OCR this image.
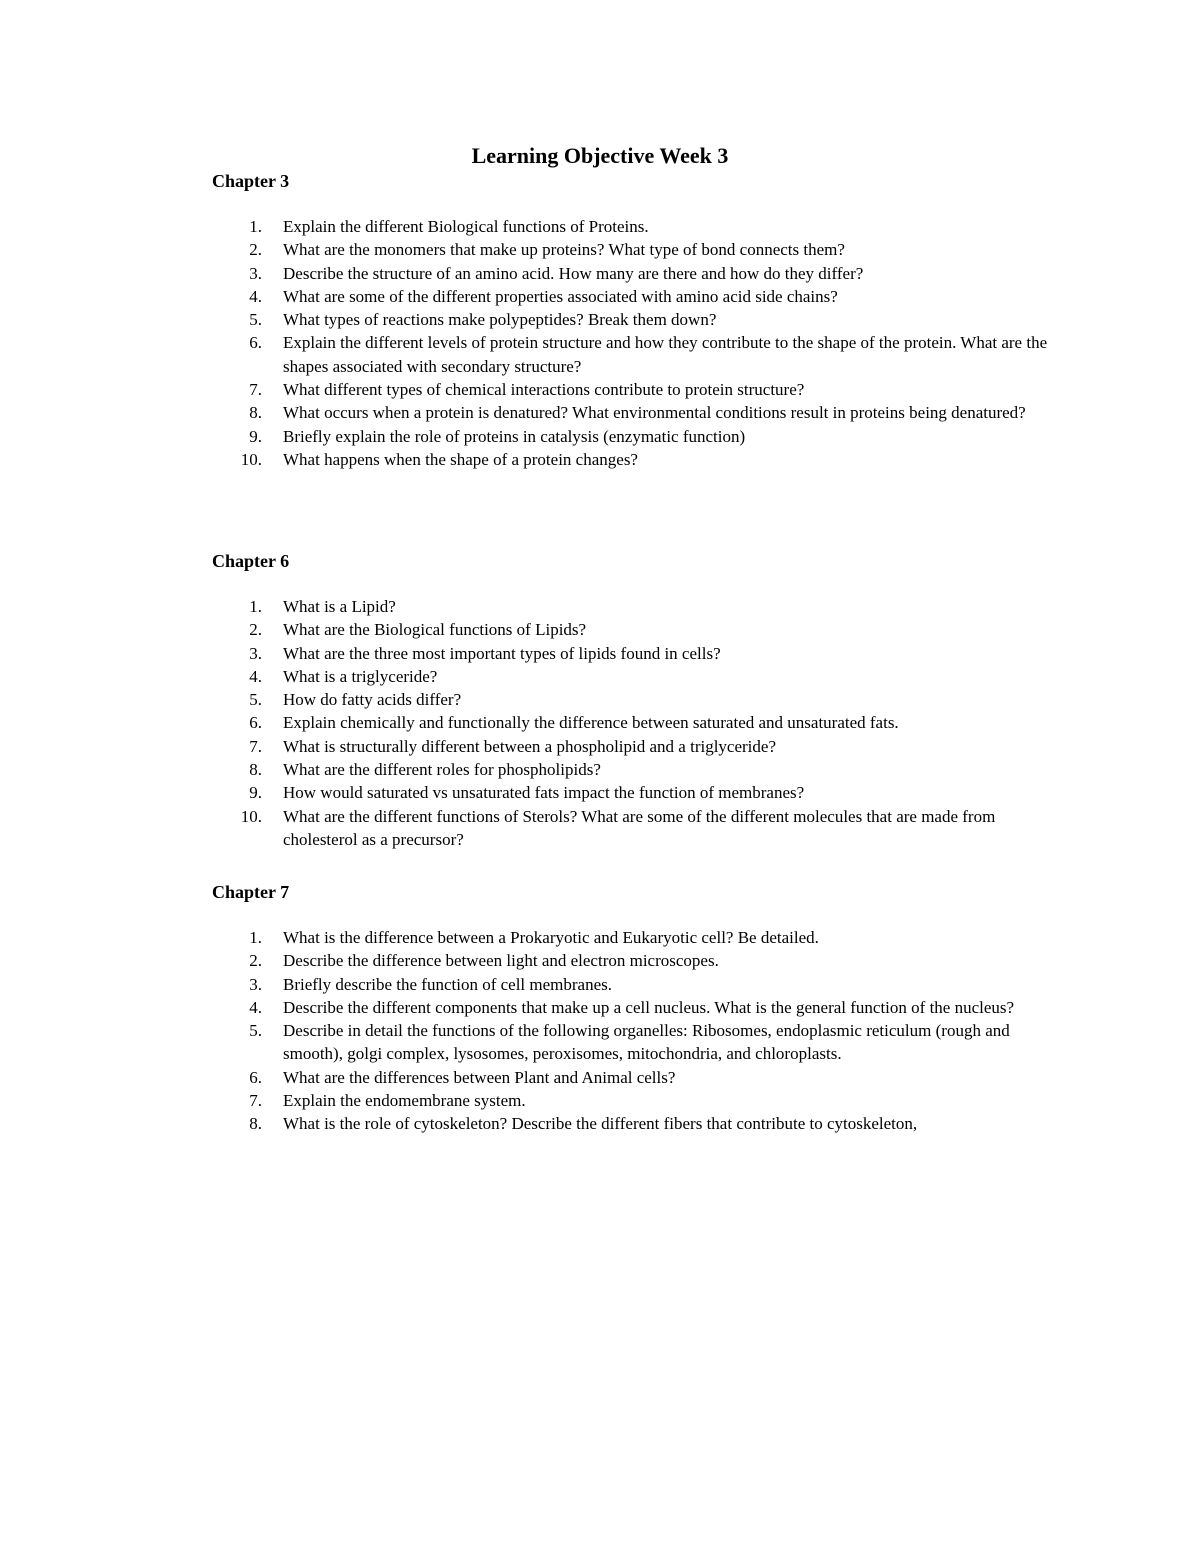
Learning Objective Week 3
Chapter 3
1. Explain the different Biological functions of Proteins.
2. What are the monomers that make up proteins? What type of bond connects them?
3. Describe the structure of an amino acid. How many are there and how do they differ?
4. What are some of the different properties associated with amino acid side chains?
5. What types of reactions make polypeptides? Break them down?
6. Explain the different levels of protein structure and how they contribute to the shape of the protein. What are the shapes associated with secondary structure?
7. What different types of chemical interactions contribute to protein structure?
8. What occurs when a protein is denatured? What environmental conditions result in proteins being denatured?
9. Briefly explain the role of proteins in catalysis (enzymatic function)
10. What happens when the shape of a protein changes?
Chapter 6
1. What is a Lipid?
2. What are the Biological functions of Lipids?
3. What are the three most important types of lipids found in cells?
4. What is a triglyceride?
5. How do fatty acids differ?
6. Explain chemically and functionally the difference between saturated and unsaturated fats.
7. What is structurally different between a phospholipid and a triglyceride?
8. What are the different roles for phospholipids?
9. How would saturated vs unsaturated fats impact the function of membranes?
10. What are the different functions of Sterols? What are some of the different molecules that are made from cholesterol as a precursor?
Chapter 7
1. What is the difference between a Prokaryotic and Eukaryotic cell? Be detailed.
2. Describe the difference between light and electron microscopes.
3. Briefly describe the function of cell membranes.
4. Describe the different components that make up a cell nucleus. What is the general function of the nucleus?
5. Describe in detail the functions of the following organelles: Ribosomes, endoplasmic reticulum (rough and smooth), golgi complex, lysosomes, peroxisomes, mitochondria, and chloroplasts.
6. What are the differences between Plant and Animal cells?
7. Explain the endomembrane system.
8. What is the role of cytoskeleton? Describe the different fibers that contribute to cytoskeleton,
